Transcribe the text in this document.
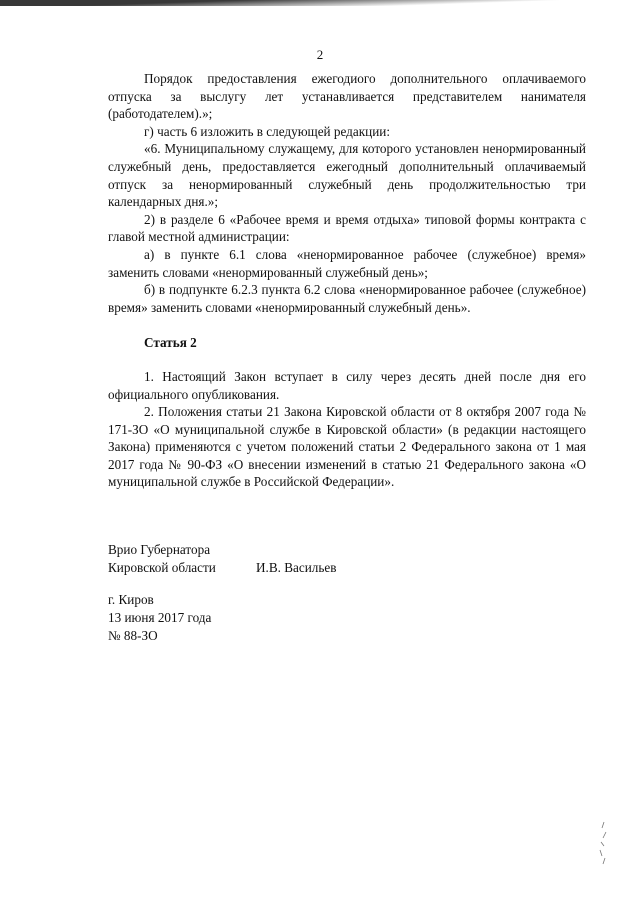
2

Порядок предоставления ежегодиого дополнительного оплачиваемого отпуска за выслугу лет устанавливается представителем нанимателя (работодателем).»;

г) часть 6 изложить в следующей редакции:

«6. Муниципальному служащему, для которого установлен ненормированный служебный день, предоставляется ежегодный дополнительный оплачиваемый отпуск за ненормированный служебный день продолжительностью три календарных дня.»;

2) в разделе 6 «Рабочее время и время отдыха» типовой формы контракта с главой местной администрации:

а) в пункте 6.1 слова «ненормированное рабочее (служебное) время» заменить словами «ненормированный служебный день»;

б) в подпункте 6.2.3 пункта 6.2 слова «ненормированное рабочее (служебное) время» заменить словами «ненормированный служебный день».

Статья 2

1. Настоящий Закон вступает в силу через десять дней после дня его официального опубликования.

2. Положения статьи 21 Закона Кировской области от 8 октября 2007 года № 171-ЗО «О муниципальной службе в Кировской области» (в редакции настоящего Закона) применяются с учетом положений статьи 2 Федерального закона от 1 мая 2017 года № 90-ФЗ «О внесении изменений в статью 21 Федерального закона «О муниципальной службе в Российской Федерации».

Врио Губернатора
Кировской области	И.В. Васильев
г. Киров
13 июня 2017 года
№ 88-ЗО
